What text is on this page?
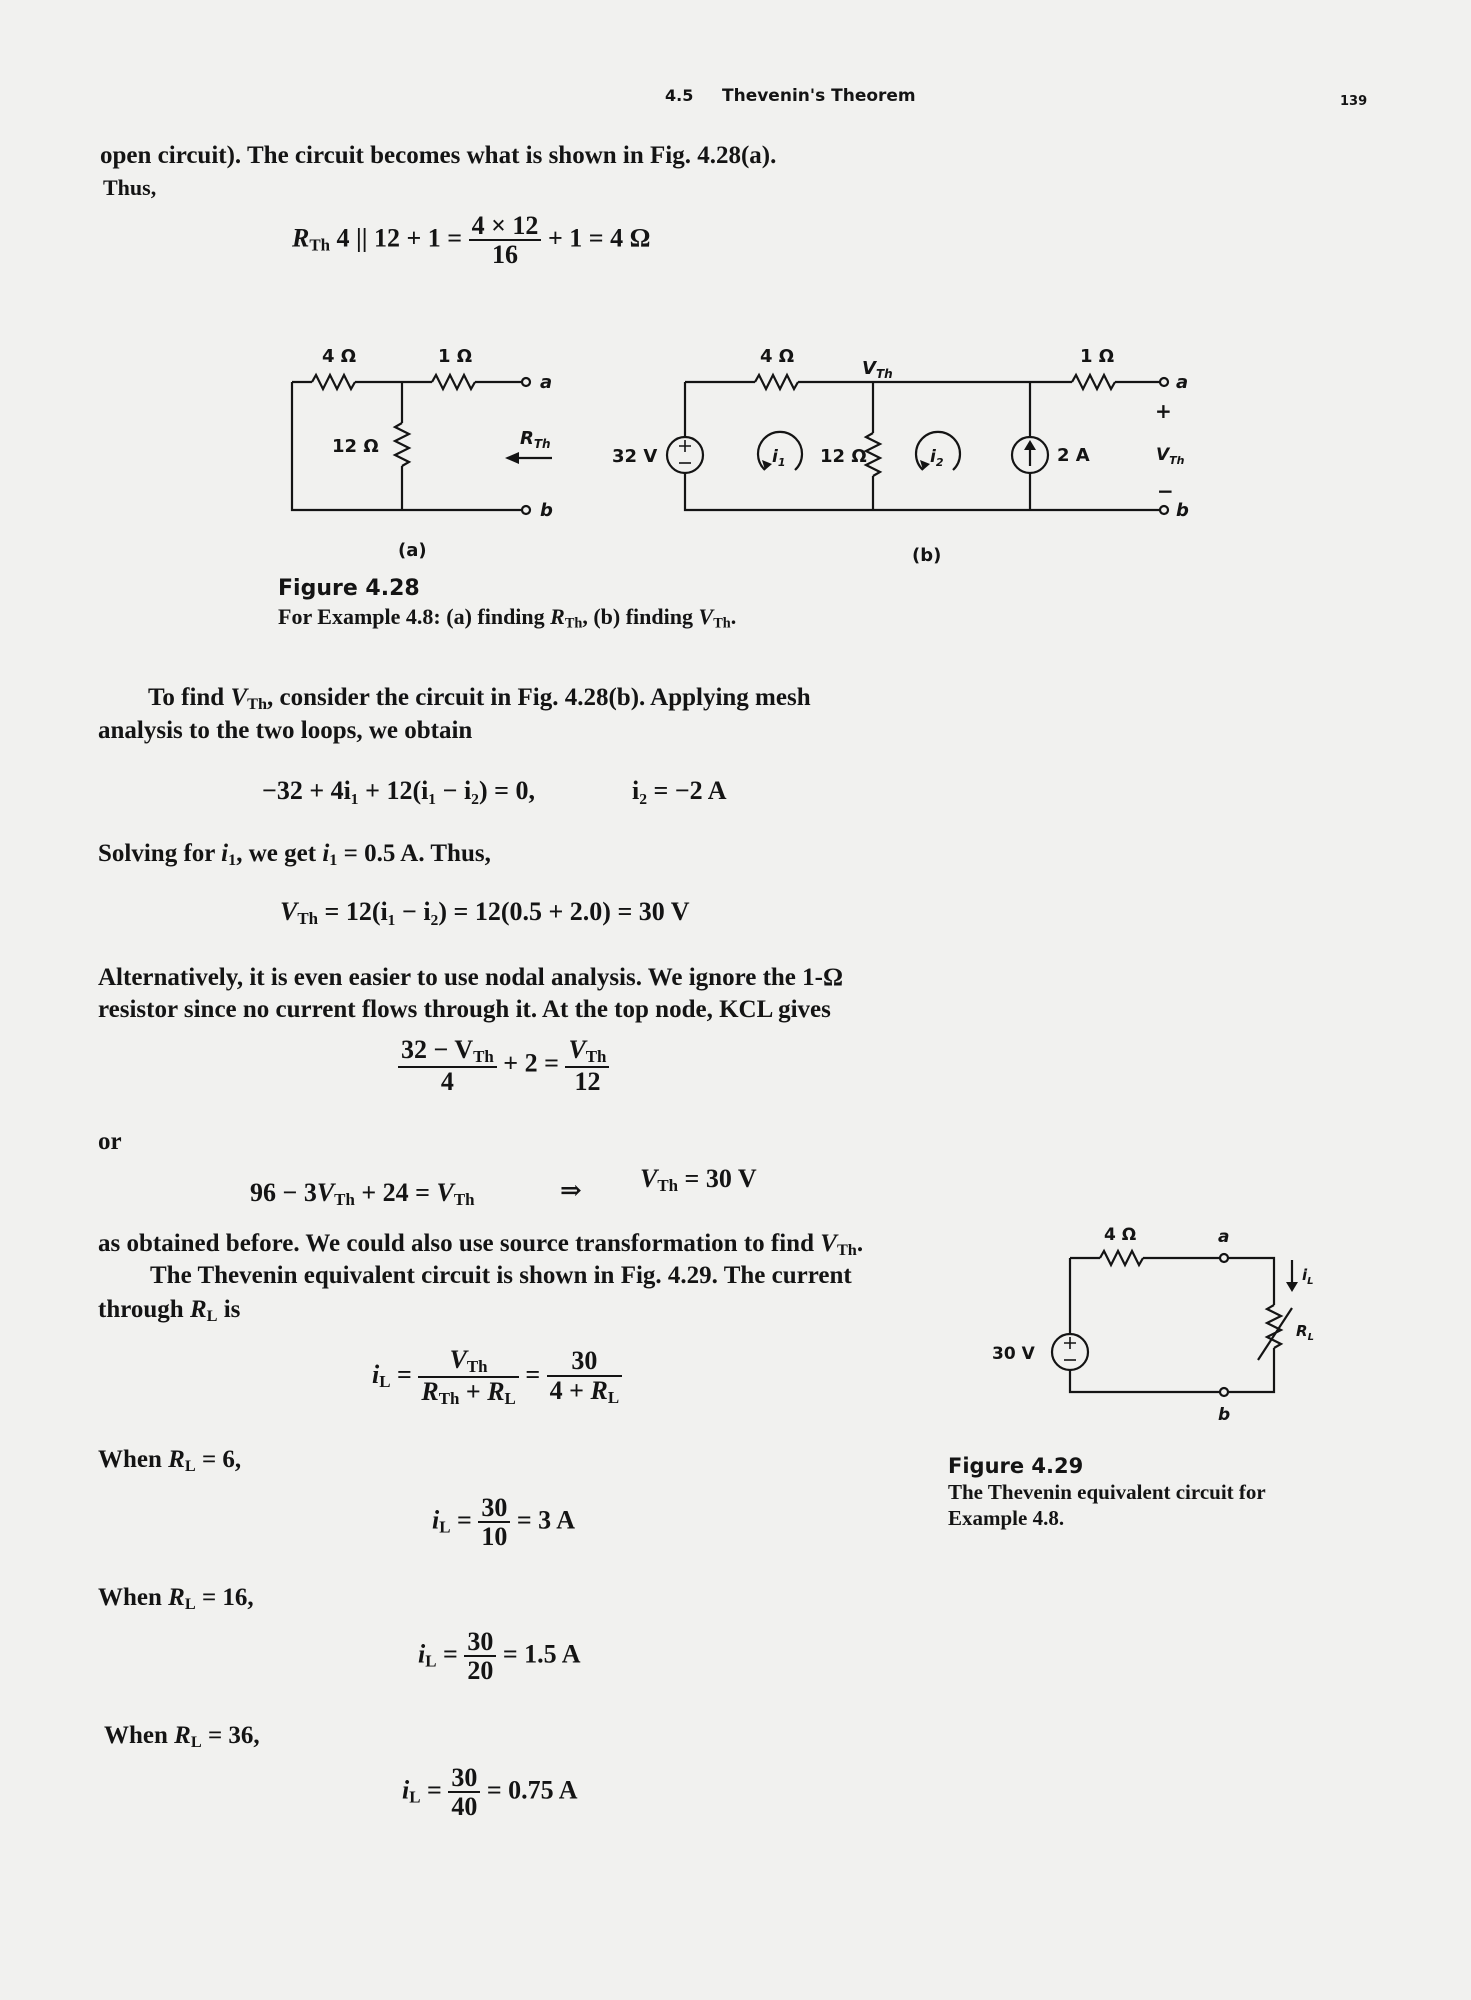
4.5 Thevenin's Theorem	139
open circuit). The circuit becomes what is shown in Fig. 4.28(a).
Thus,
$R_{Th}$ 4 || $12 + 1 = \frac{4 \times 12}{16} + 1 = 4$ Ω
4 Ω	1 Ω
12 Ω
a
b
$R_{Th}$
(a)
4 Ω
$V_{Th}$
32 V	$i_1$ 12 Ω	$i_2$
1 Ω
2 A
a
b
+
−
$V_{Th}$
(b)
Figure 4.28
For Example 4.8: (a) finding $R_{Th}$, (b) finding $V_{Th}$.
To find $V_{Th}$, consider the circuit in Fig. 4.28(b). Applying mesh
analysis to the two loops, we obtain
−32 + 4i₁ + 12(i₁ − i₂) = 0,	i₂ = −2 A
Solving for $i_1$, we get $i_1 = 0.5$ A. Thus,
$V_{Th} = 12(i_1 - i_2) = 12(0.5 + 2.0) = 30$ V
Alternatively, it is even easier to use nodal analysis. We ignore the 1-Ω
resistor since no current flows through it. At the top node, KCL gives
$\frac{32 - V_{Th}}{4} + 2 = \frac{V_{Th}}{12}$
or
$96 - 3V_{Th} + 24 = V_{Th}$	⇒ $V_{Th} = 30$ V
as obtained before. We could also use source transformation to find $V_{Th}$.
The Thevenin equivalent circuit is shown in Fig. 4.29. The current
through $R_L$ is
$i_L = \frac{V_{Th}}{R_{Th} + R_L} = \frac{30}{4 + R_L}$
When $R_L = 6$,
$i_L = \frac{30}{10} = 3$ A
When $R_L = 16$,
$i_L = \frac{30}{20} = 1.5$ A
When $R_L = 36$,
$i_L = \frac{30}{40} = 0.75$ A
4 Ω	a
b
30 V
$i_L$
$R_L$
Figure 4.29
The Thevenin equivalent circuit for
Example 4.8.
